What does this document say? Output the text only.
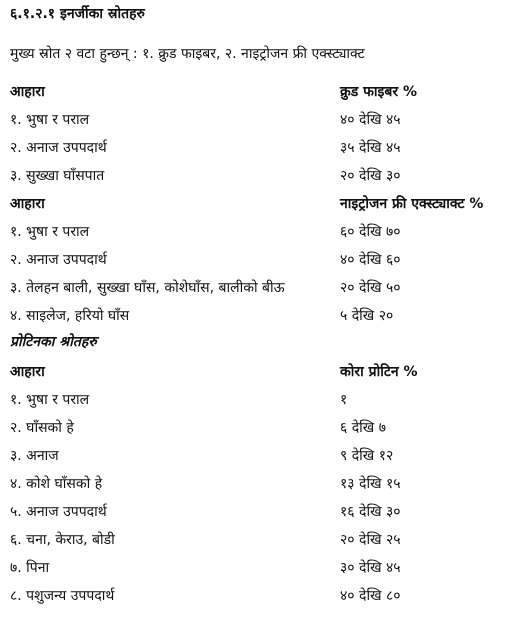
६.१.२.१ इनर्जीका स्रोतहरु
मुख्य स्रोत २ वटा हुन्छन् : १. क्रुड फाइबर, २. नाइट्रोजन फ्री एक्स्ट्याक्ट
आहारा	क्रुड फाइबर %
१. भुषा र पराल	४० देखि ४५
२. अनाज उपपदार्थ	३५ देखि ४५
३. सुख्खा घाँसपात	२० देखि ३०
आहारा	नाइट्रोजन फ्री एक्स्ट्याक्ट %
१. भुषा र पराल	६० देखि ७०
२. अनाज उपपदार्थ	४० देखि ६०
३. तेलहन बाली, सुख्खा घाँस, कोशेघाँस, बालीको बीऊ	२० देखि ५०
४. साइलेज, हरियो घाँस	५ देखि २०
प्रोटिनका श्रोतहरु
आहारा	कोरा प्रोटिन %
१. भुषा र पराल	१
२. घाँसको हे	६ देखि ७
३. अनाज	९ देखि १२
४. कोशे घाँसको हे	१३ देखि १५
५. अनाज उपपदार्थ	१६ देखि ३०
६. चना, केराउ, बोडी	२० देखि २५
७. पिना	३० देखि ४५
८. पशुजन्य उपपदार्थ	४० देखि ८०
